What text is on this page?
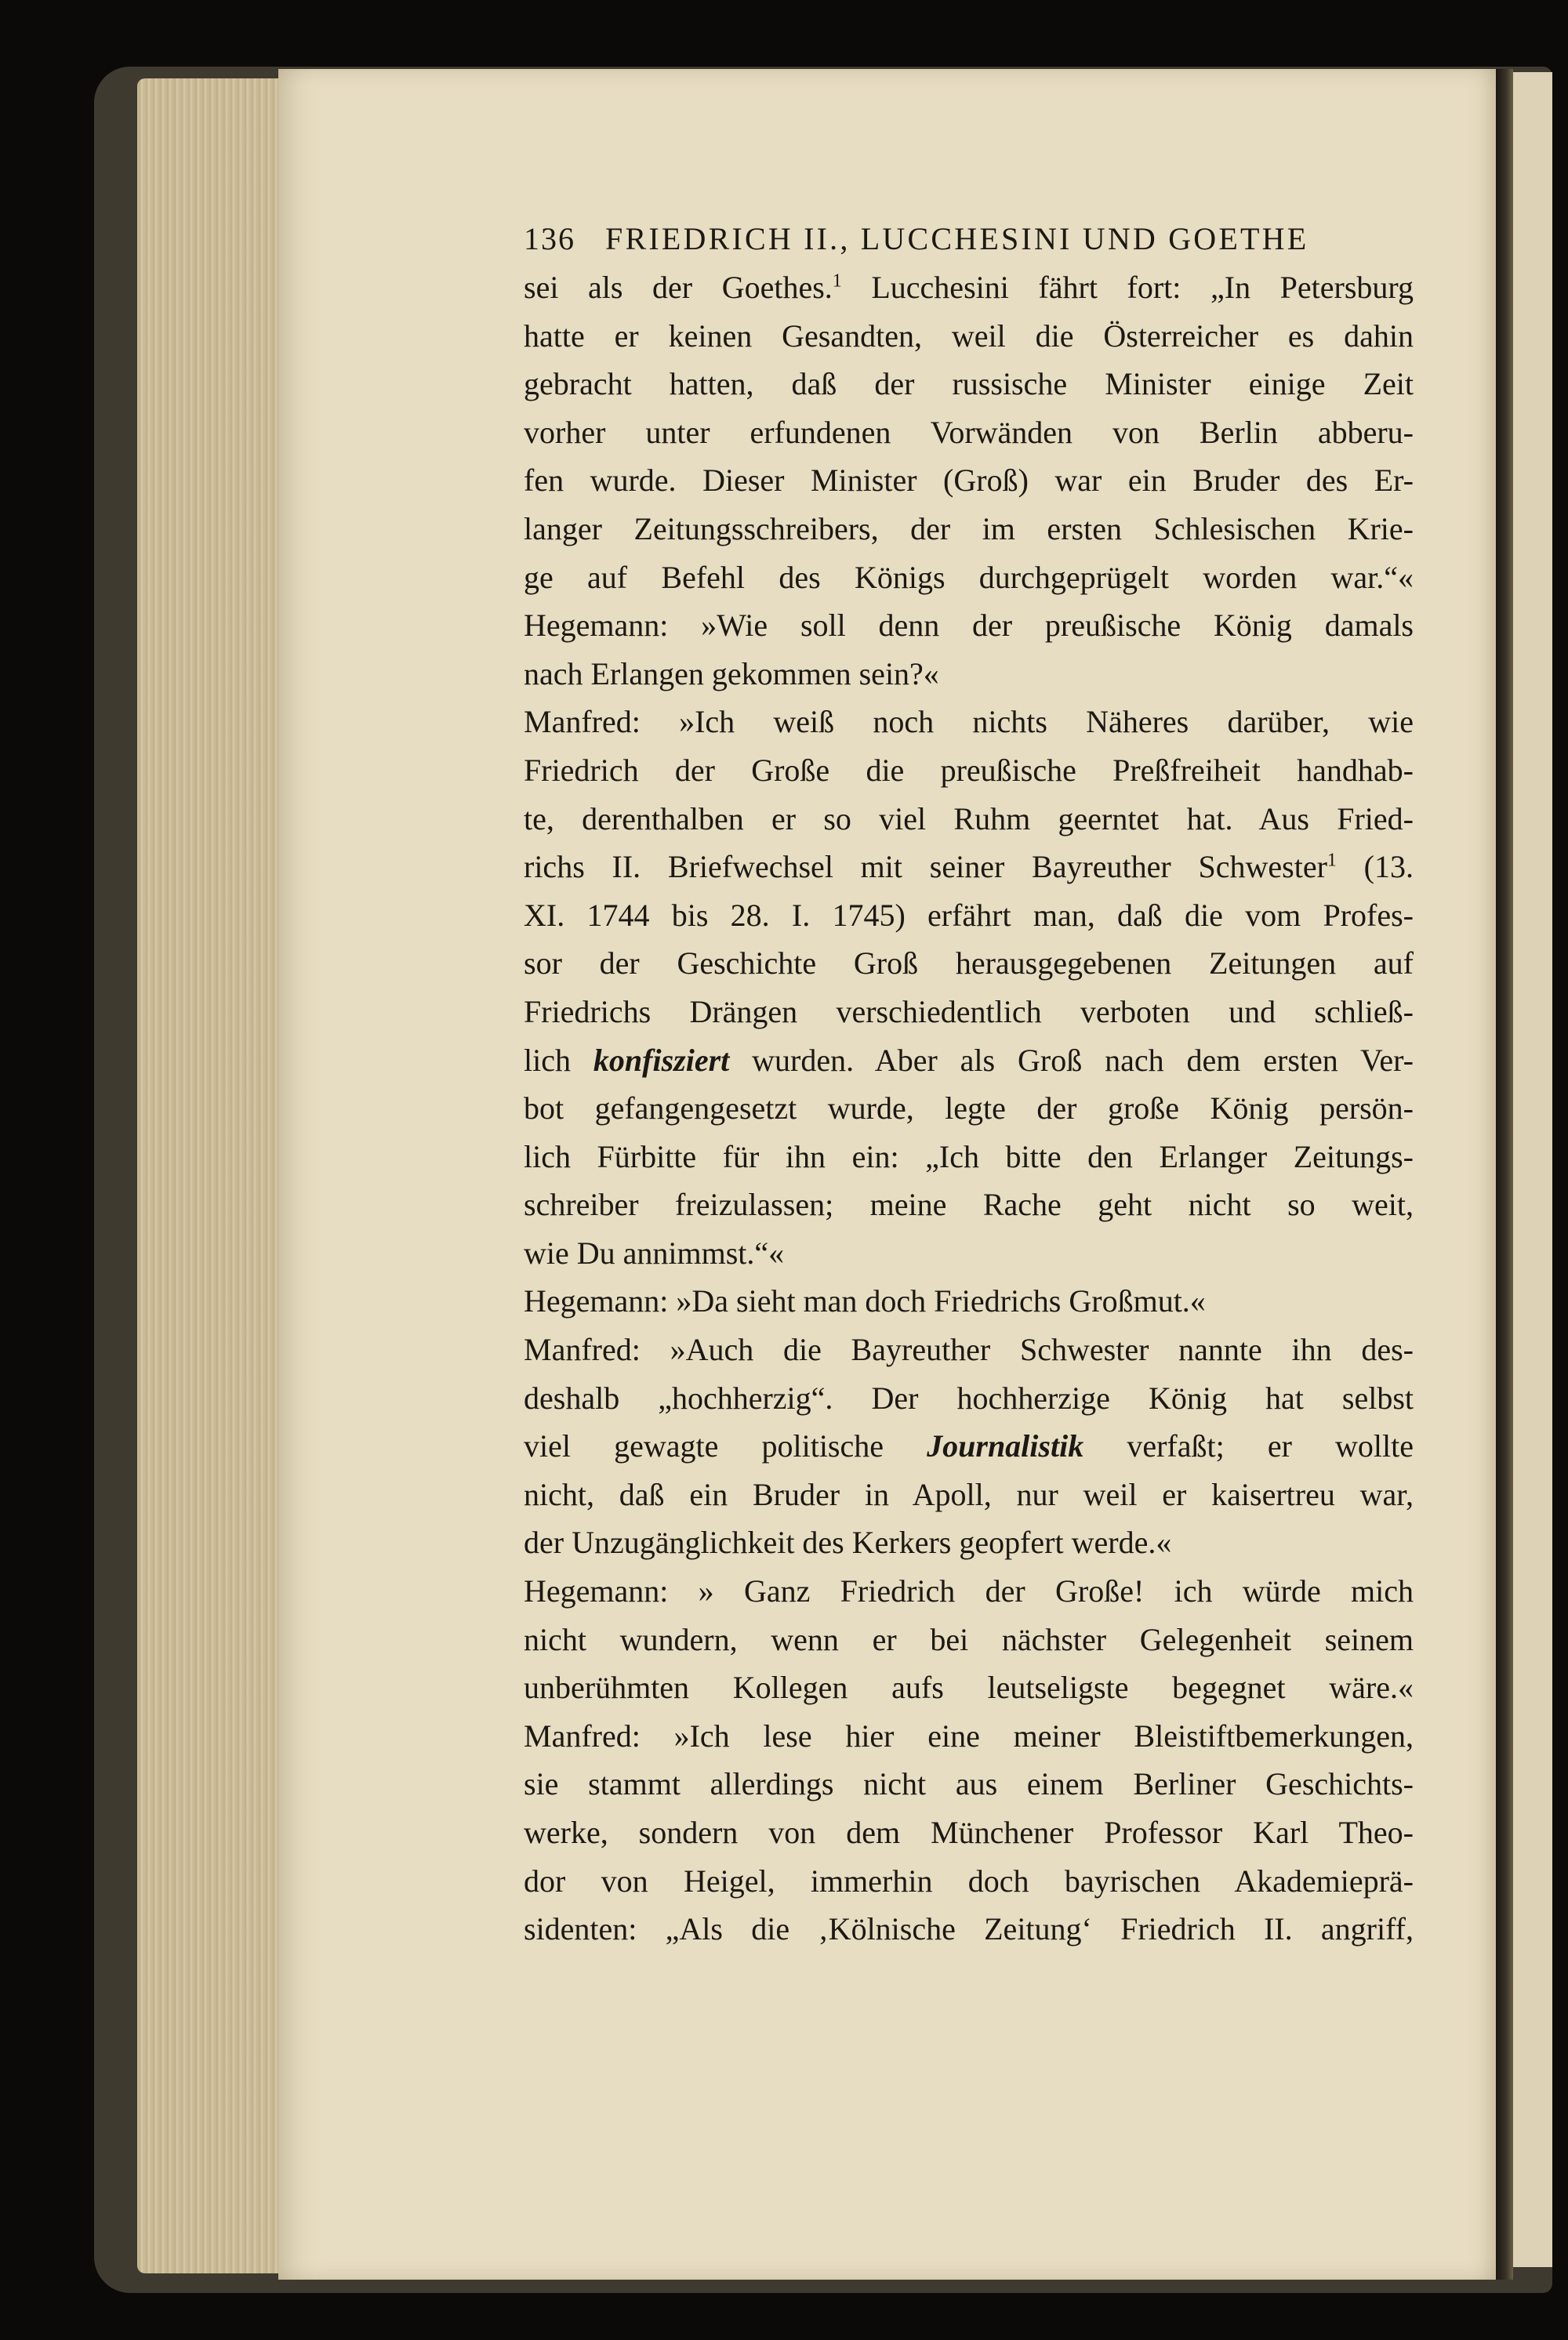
136 FRIEDRICH II., LUCCHESINI UND GOETHE
sei als der Goethes.$^1$ Lucchesini fährt fort: „In Petersburg
hatte er keinen Gesandten, weil die Österreicher es dahin
gebracht hatten, daß der russische Minister einige Zeit
vorher unter erfundenen Vorwänden von Berlin abberu-
fen wurde. Dieser Minister (Groß) war ein Bruder des Er-
langer Zeitungsschreibers, der im ersten Schlesischen Krie-
ge auf Befehl des Königs durchgeprügelt worden war.“«
Hegemann: »Wie soll denn der preußische König damals
nach Erlangen gekommen sein?«
Manfred: »Ich weiß noch nichts Näheres darüber, wie
Friedrich der Große die preußische Preßfreiheit handhab-
te, derenthalben er so viel Ruhm geerntet hat. Aus Fried-
richs II. Briefwechsel mit seiner Bayreuther Schwester$^1$ (13.
XI. 1744 bis 28. I. 1745) erfährt man, daß die vom Profes-
sor der Geschichte Groß herausgegebenen Zeitungen auf
Friedrichs Drängen verschiedentlich verboten und schließ-
lich konfisziert wurden. Aber als Groß nach dem ersten Ver-
bot gefangengesetzt wurde, legte der große König persön-
lich Fürbitte für ihn ein: „Ich bitte den Erlanger Zeitungs-
schreiber freizulassen; meine Rache geht nicht so weit,
wie Du annimmst.“«
Hegemann: »Da sieht man doch Friedrichs Großmut.«
Manfred: »Auch die Bayreuther Schwester nannte ihn des-
deshalb „hochherzig“. Der hochherzige König hat selbst
viel gewagte politische Journalistik verfaßt; er wollte
nicht, daß ein Bruder in Apoll, nur weil er kaisertreu war,
der Unzugänglichkeit des Kerkers geopfert werde.«
Hegemann: » Ganz Friedrich der Große! ich würde mich
nicht wundern, wenn er bei nächster Gelegenheit seinem
unberühmten Kollegen aufs leutseligste begegnet wäre.«
Manfred: »Ich lese hier eine meiner Bleistiftbemerkungen,
sie stammt allerdings nicht aus einem Berliner Geschichts-
werke, sondern von dem Münchener Professor Karl Theo-
dor von Heigel, immerhin doch bayrischen Akademieprä-
sidenten: „Als die ‚Kölnische Zeitung‘ Friedrich II. angriff,
